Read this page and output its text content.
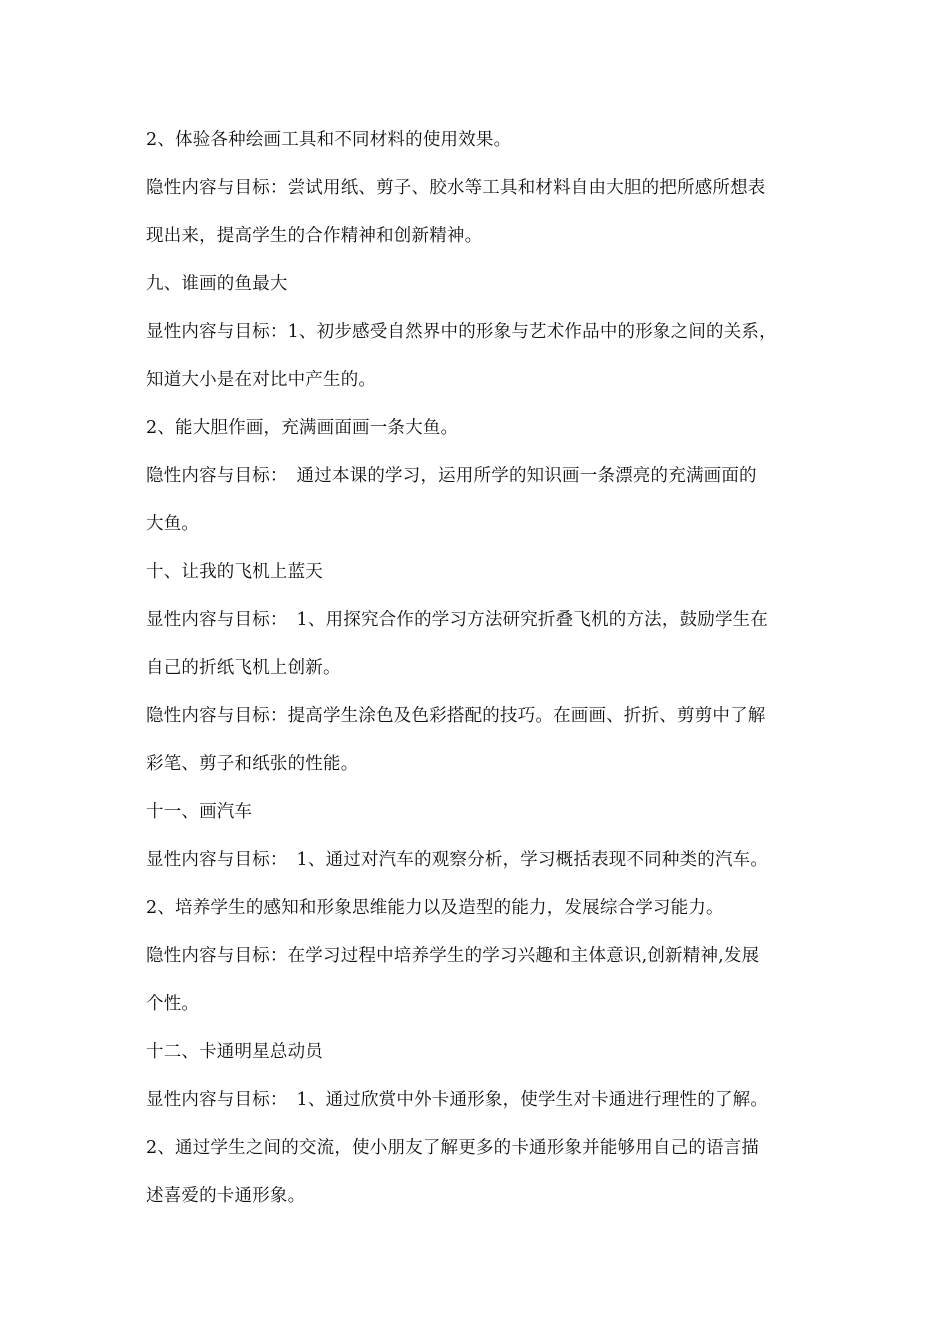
2、体验各种绘画工具和不同材料的使用效果。
隐性内容与目标：尝试用纸、剪子、胶水等工具和材料自由大胆的把所感所想表
现出来，提高学生的合作精神和创新精神。
九、谁画的鱼最大
显性内容与目标：1、初步感受自然界中的形象与艺术作品中的形象之间的关系，
知道大小是在对比中产生的。
2、能大胆作画，充满画面画一条大鱼。
隐性内容与目标：　通过本课的学习，运用所学的知识画一条漂亮的充满画面的
大鱼。
十、让我的飞机上蓝天
显性内容与目标：　1、用探究合作的学习方法研究折叠飞机的方法，鼓励学生在
自己的折纸飞机上创新。
隐性内容与目标：提高学生涂色及色彩搭配的技巧。在画画、折折、剪剪中了解
彩笔、剪子和纸张的性能。
十一、画汽车
显性内容与目标：　1、通过对汽车的观察分析，学习概括表现不同种类的汽车。
2、培养学生的感知和形象思维能力以及造型的能力，发展综合学习能力。
隐性内容与目标：在学习过程中培养学生的学习兴趣和主体意识,创新精神,发展
个性。
十二、卡通明星总动员
显性内容与目标：　1、通过欣赏中外卡通形象，使学生对卡通进行理性的了解。
2、通过学生之间的交流，使小朋友了解更多的卡通形象并能够用自己的语言描
述喜爱的卡通形象。
